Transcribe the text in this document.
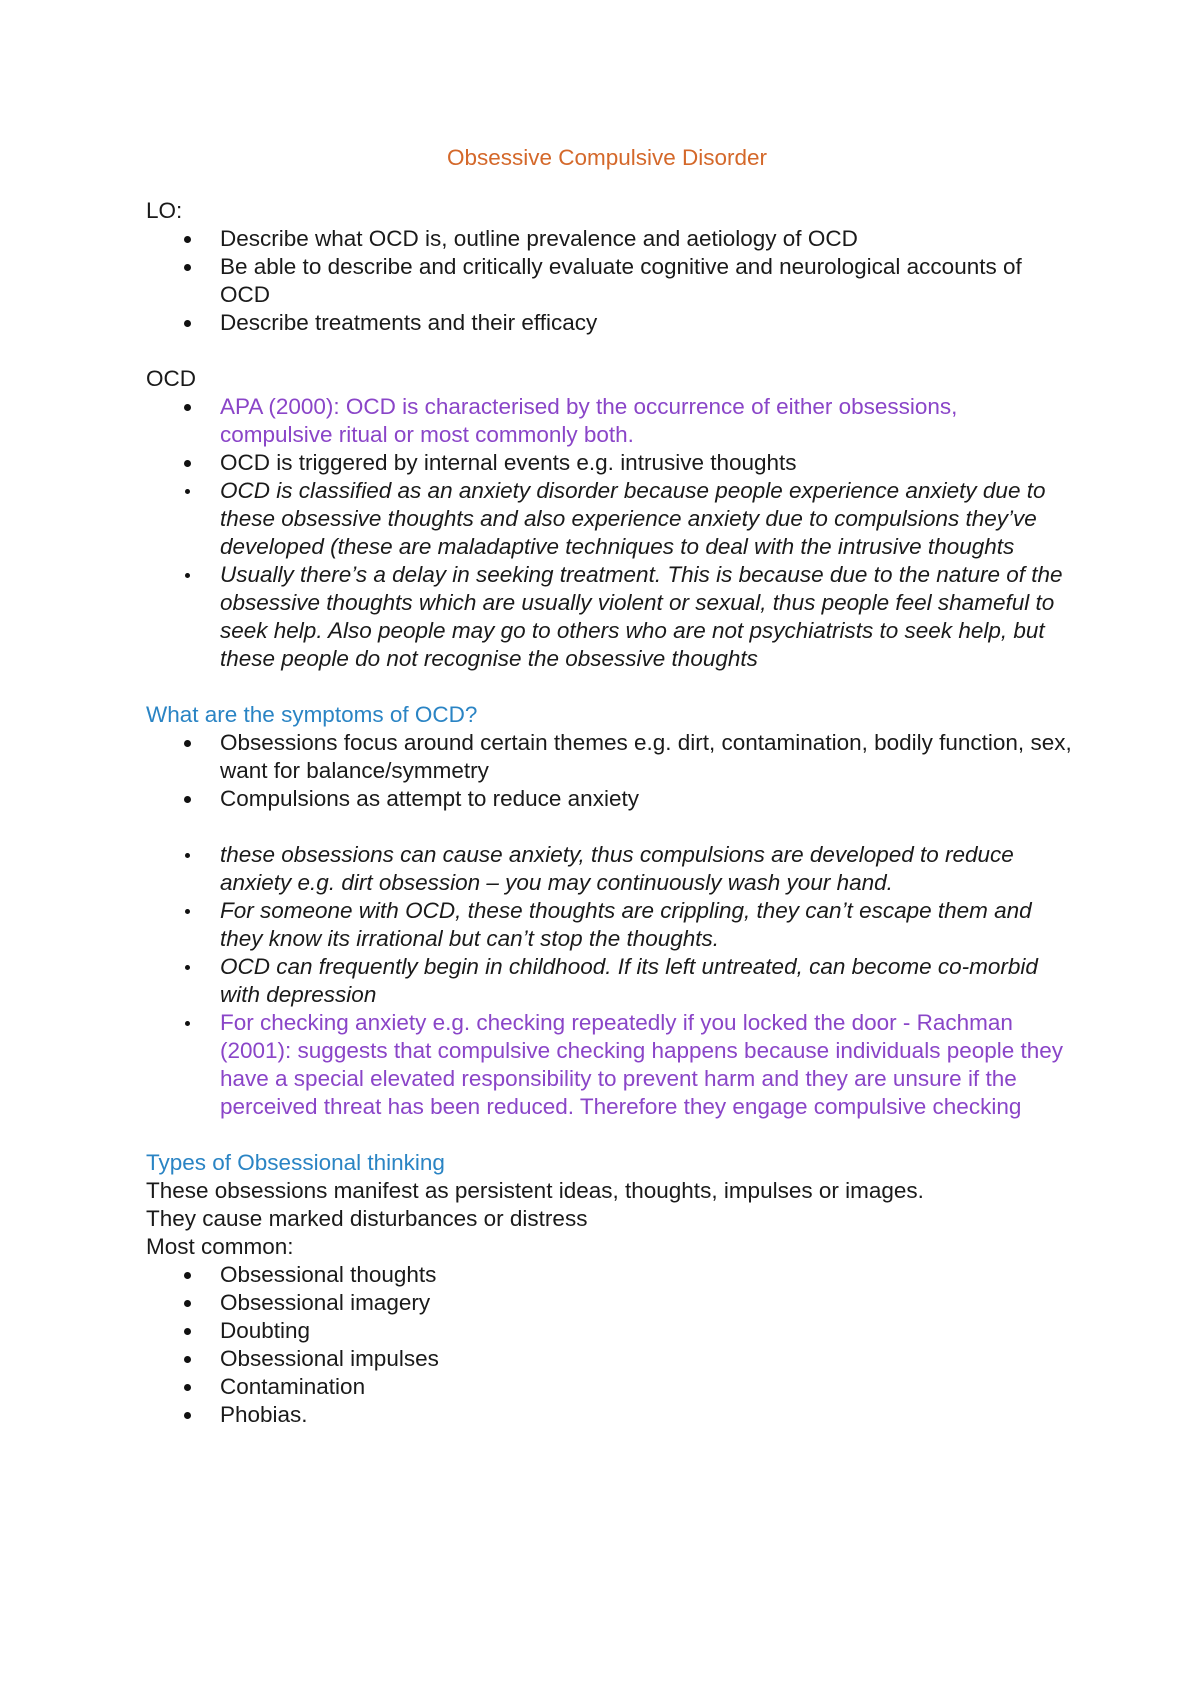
Obsessive Compulsive Disorder

LO:

Describe what OCD is, outline prevalence and aetiology of OCD
Be able to describe and critically evaluate cognitive and neurological accounts of OCD
Describe treatments and their efficacy

OCD

APA (2000): OCD is characterised by the occurrence of either obsessions, compulsive ritual or most commonly both.
OCD is triggered by internal events e.g. intrusive thoughts
OCD is classified as an anxiety disorder because people experience anxiety due to these obsessive thoughts and also experience anxiety due to compulsions they’ve developed (these are maladaptive techniques to deal with the intrusive thoughts
Usually there’s a delay in seeking treatment. This is because due to the nature of the obsessive thoughts which are usually violent or sexual, thus people feel shameful to seek help. Also people may go to others who are not psychiatrists to seek help, but these people do not recognise the obsessive thoughts

What are the symptoms of OCD?

Obsessions focus around certain themes e.g. dirt, contamination, bodily function, sex, want for balance/symmetry
Compulsions as attempt to reduce anxiety
these obsessions can cause anxiety, thus compulsions are developed to reduce anxiety e.g. dirt obsession – you may continuously wash your hand.
For someone with OCD, these thoughts are crippling, they can’t escape them and they know its irrational but can’t stop the thoughts.
OCD can frequently begin in childhood. If its left untreated, can become co-morbid with depression
For checking anxiety e.g. checking repeatedly if you locked the door - Rachman (2001): suggests that compulsive checking happens because individuals people they have a special elevated responsibility to prevent harm and they are unsure if the perceived threat has been reduced. Therefore they engage compulsive checking

Types of Obsessional thinking

These obsessions manifest as persistent ideas, thoughts, impulses or images.

They cause marked disturbances or distress

Most common:

Obsessional thoughts
Obsessional imagery
Doubting
Obsessional impulses
Contamination
Phobias.
